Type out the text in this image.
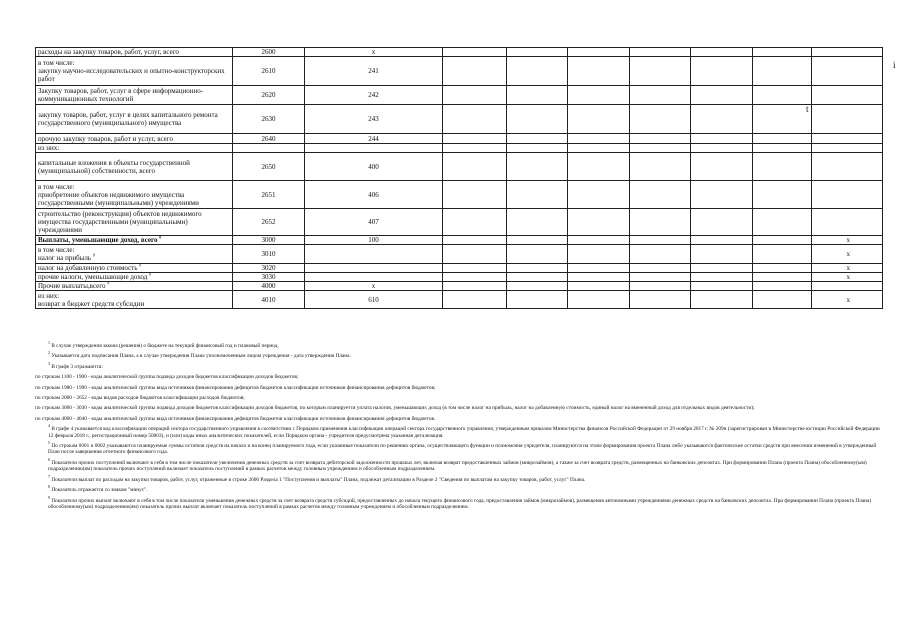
расходы на закупку товаров, работ, услуг, всего	2600	x							
в том числе:
закупку научно-исследовательских и опытно-конструкторских работ	2610	241							
Закупку товаров, работ, услуг в сфере информационно-коммуникационных технологий	2620	242							
закупку товаров, работ, услуг в целях капитального ремонта государственного (муниципального) имущества	2630	243							
прочую закупку товаров, работ и услуг, всего	2640	244							
из них:									
капитальные вложения в объекты государственной (муниципальной) собственности, всего	2650	400							
в том числе:
приобретение объектов недвижимого имущества государственными (муниципальными) учреждениями	2651	406							
строительство (реконструкция) объектов недвижимого имущества государственными (муниципальными) учреждениями	2652	407							
Выплаты, уменьшающие доход, всего $^8$	3000	100							x
в том числе:
налог на прибыль $^8$	3010								x
налог на добавленную стоимость $^8$	3020								x
прочие налоги, уменьшающие доход $^8$	3030								x
Прочие выплаты,всего $^9$	4000	x							
из них:
возврат в бюджет средств субсидии	4010	610							x
t
i
$^1$ В случае утверждения закона (решения) о бюджете на текущий финансовый год и плановый период.
$^2$ Указывается дата подписания Плана, а в случае утверждения Плана уполномоченным лицом учреждения - дата утверждения Плана.
$^3$ В графе 3 отражаются:
по строкам 1100 - 1900 - коды аналитической группы подвида доходов бюджетов классификации доходов бюджетов;
по строкам 1980 - 1990 - коды аналитической группы вида источников финансирования дефицитов бюджетов классификации источников финансирования дефицитов бюджетов;
по строкам 2000 - 2652 - коды видов расходов бюджетов классификации расходов бюджетов;
по строкам 3000 - 3030 - коды аналитической группы подвида доходов бюджетов классификации доходов бюджетов, по которым планируется уплата налогов, уменьшающих доход (в том числе налог на прибыль, налог на добавленную стоимость, единый налог на вмененный доход для отдельных видов деятельности);
по строкам 4000 - 4040 - коды аналитической группы вида источников финансирования дефицитов бюджетов классификации источников финансирования дефицитов бюджетов.
$^4$ В графе 4 указывается код классификации операций сектора государственного управления в соответствии с Порядком применения классификации операций сектора государственного управления, утвержденным приказом Министерства финансов Российской Федерации от 29 ноября 2017 г. № 209н (зарегистрирован в Министерстве юстиции Российской Федерации 12 февраля 2018 г., регистрационный номер 50003), и (или) коды иных аналитических показателей, если Порядком органа - учредителя предусмотрена указанная детализация.
$^5$ По строкам 0001 и 0002 указываются планируемые суммы остатков средств на начало и на конец планируемого года, если указанные показатели по решению органа, осуществляющего функции и полномочия учредителя, планируются на этапе формирования проекта Плана либо указываются фактические остатки средств при внесении изменений в утвержденный План после завершения отчетного финансового года.
$^6$ Показатели прочих поступлений включают в себя в том числе показатели увеличения денежных средств за счет возврата дебиторской задолженности прошлых лет, включая возврат предоставленных займов (микрозаймов), а также за счет возврата средств, размещенных на банковских депозитах. При формировании Плана (проекта Плана) обособленному(ым) подразделению(ям) показатель прочих поступлений включает показатель поступлений в рамках расчетов между головным учреждением и обособленным подразделением.
$^7$ Показатели выплат по расходам на закупки товаров, работ, услуг, отраженные в строке 2600 Раздела 1 "Поступления и выплаты" Плана, подлежат детализации в Разделе 2 "Сведения по выплатам на закупку товаров, работ, услуг" Плана.
$^8$ Показатель отражается со знаком "минус".
$^9$ Показатели прочих выплат включают в себя в том числе показатели уменьшения денежных средств за счет возврата средств субсидий, предоставленных до начала текущего финансового года, предоставления займов (микрозаймов), размещения автономными учреждениями денежных средств на банковских депозитах. При формировании Плана (проекта Плана) обособленному(ым) подразделению(ям) показатель прочих выплат включает показатель поступлений в рамках расчетов между головным учреждением и обособленным подразделением.
